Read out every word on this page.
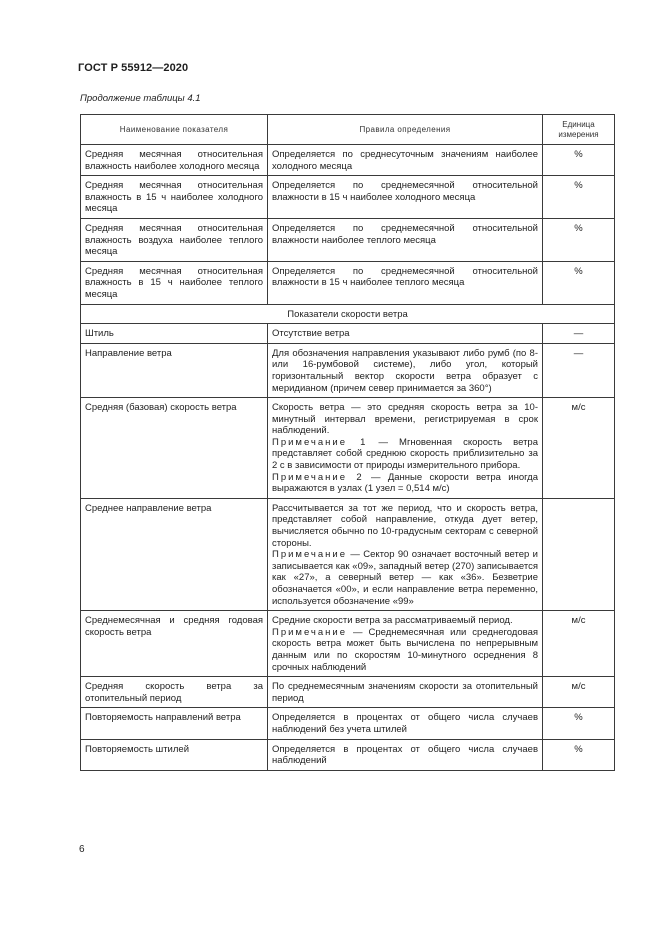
ГОСТ Р 55912—2020
Продолжение таблицы 4.1
Наименование показателя	Правила определения	Единица измерения
Средняя месячная относительная влажность наиболее холодного месяца	Определяется по среднесуточным значениям наиболее холодного месяца	%
Средняя месячная относительная влажность в 15 ч наиболее холодного месяца	Определяется по среднемесячной относительной влажности в 15 ч наиболее холодного месяца	%
Средняя месячная относительная влажность воздуха наиболее теплого месяца	Определяется по среднемесячной относительной влажности наиболее теплого месяца	%
Средняя месячная относительная влажность в 15 ч наиболее теплого месяца	Определяется по среднемесячной относительной влажности в 15 ч наиболее теплого месяца	%
Показатели скорости ветра		
Штиль	Отсутствие ветра	—
Направление ветра	Для обозначения направления указывают либо румб (по 8- или 16-румбовой системе), либо угол, который горизонтальный вектор скорости ветра образует с меридианом (причем север принимается за 360°)	—
Средняя (базовая) скорость ветра	Скорость ветра — это средняя скорость ветра за 10-минутный интервал времени, регистрируемая в срок наблюдений.
Примечание 1 — Мгновенная скорость ветра представляет собой среднюю скорость приблизительно за 2 с в зависимости от природы измерительного прибора.
Примечание 2 — Данные скорости ветра иногда выражаются в узлах (1 узел = 0,514 м/с)	м/с
Среднее направление ветра	Рассчитывается за тот же период, что и скорость ветра, представляет собой направление, откуда дует ветер, вычисляется обычно по 10-градусным секторам с северной стороны.
Примечание — Сектор 90 означает восточный ветер и записывается как «09», западный ветер (270) записывается как «27», а северный ветер — как «36». Безветрие обозначается «00», и если направление ветра переменно, используется обозначение «99»	

Среднемесячная и средняя годовая скорость ветра	Средние скорости ветра за рассматриваемый период.
Примечание — Среднемесячная или среднегодовая скорость ветра может быть вычислена по непрерывным данным или по скоростям 10-минутного осреднения 8 срочных наблюдений	м/с
Средняя скорость ветра за отопительный период	По среднемесячным значениям скорости за отопительный период	м/с
Повторяемость направлений ветра	Определяется в процентах от общего числа случаев наблюдений без учета штилей	%
Повторяемость штилей	Определяется в процентах от общего числа случаев наблюдений	%
6
